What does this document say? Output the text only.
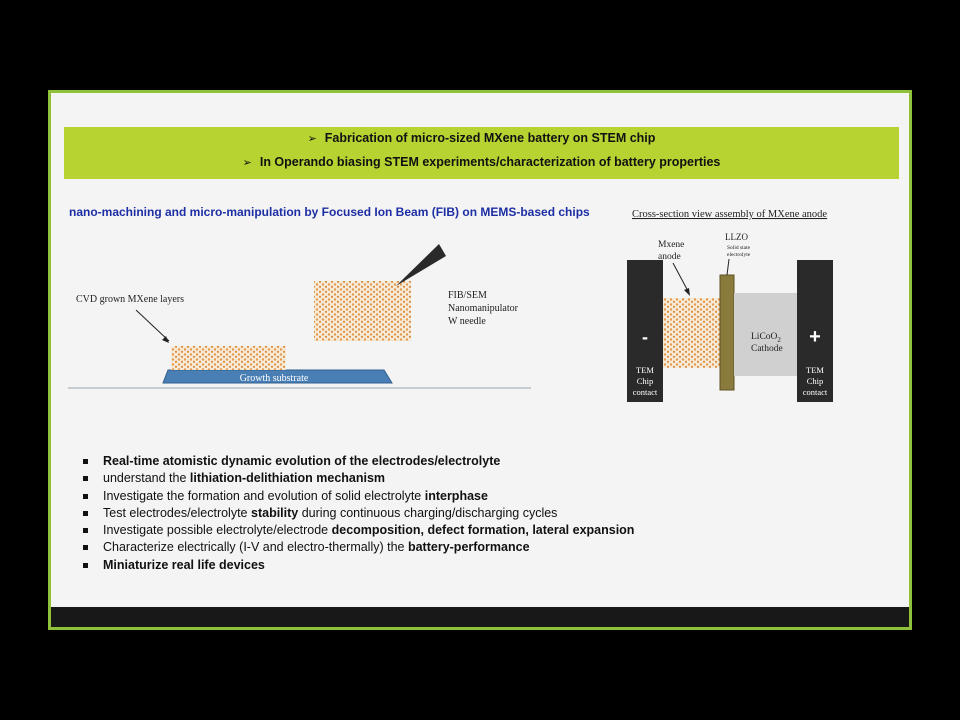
➢ Fabrication of micro-sized MXene battery on STEM chip
➢ In Operando biasing STEM experiments/characterization of battery properties
nano-machining and micro-manipulation by Focused Ion Beam (FIB) on MEMS-based chips
Growth substrate
CVD grown MXene layers	FIB/SEM
Nanomanipulator
W needle
Cross-section view assembly of MXene anode
-	+
TEM
Chip
contact
TEM
Chip
contact
LiCoO$_2$
Cathode
Mxene
anode
LLZO
Solid state
electrolyte
Real-time atomistic dynamic evolution of the electrodes/electrolyte
understand the lithiation-delithiation mechanism
Investigate the formation and evolution of solid electrolyte interphase
Test electrodes/electrolyte stability during continuous charging/discharging cycles
Investigate possible electrolyte/electrode decomposition, defect formation, lateral expansion
Characterize electrically (I-V and electro-thermally) the battery-performance
Miniaturize real life devices
